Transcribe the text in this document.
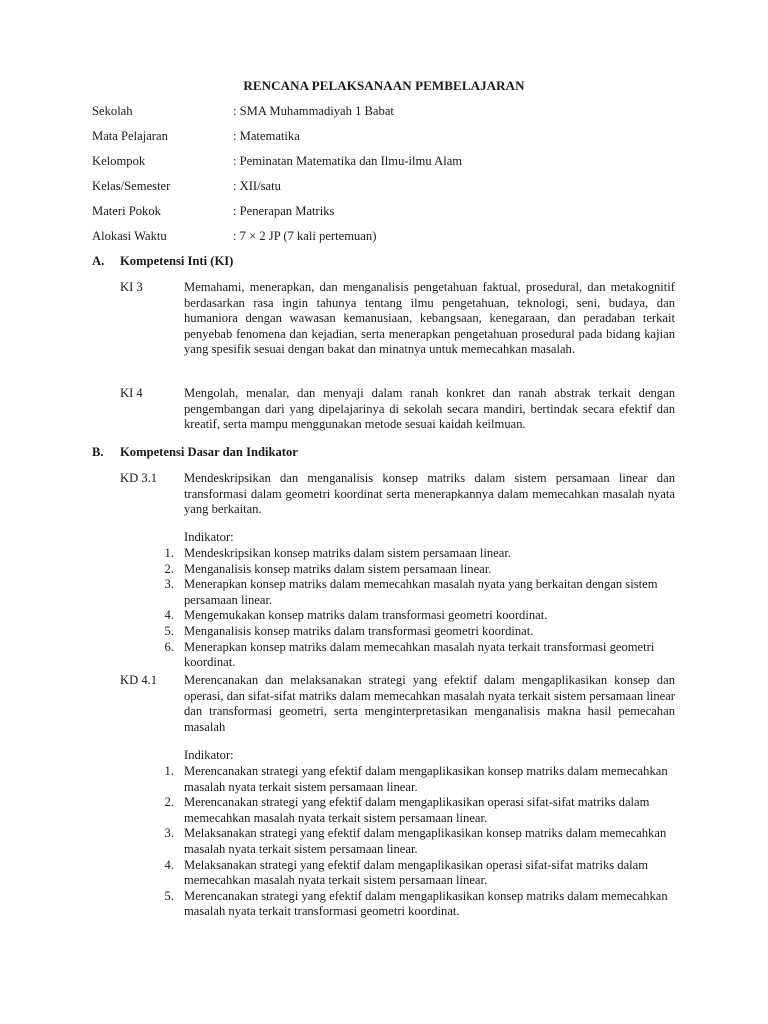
RENCANA PELAKSANAAN PEMBELAJARAN
Sekolah	: SMA Muhammadiyah 1 Babat
Mata Pelajaran	: Matematika
Kelompok	: Peminatan Matematika dan Ilmu-ilmu Alam
Kelas/Semester	: XII/satu
Materi Pokok	: Penerapan Matriks
Alokasi Waktu	: 7 × 2 JP (7 kali pertemuan)
A. Kompetensi Inti (KI)
KI 3	Memahami, menerapkan, dan menganalisis pengetahuan faktual, prosedural, dan metakognitif berdasarkan rasa ingin tahunya tentang ilmu pengetahuan, teknologi, seni, budaya, dan humaniora dengan wawasan kemanusiaan, kebangsaan, kenegaraan, dan peradaban terkait penyebab fenomena dan kejadian, serta menerapkan pengetahuan prosedural pada bidang kajian yang spesifik sesuai dengan bakat dan minatnya untuk memecahkan masalah.
KI 4	Mengolah, menalar, dan menyaji dalam ranah konkret dan ranah abstrak terkait dengan pengembangan dari yang dipelajarinya di sekolah secara mandiri, bertindak secara efektif dan kreatif, serta mampu menggunakan metode sesuai kaidah keilmuan.
B. Kompetensi Dasar dan Indikator
KD 3.1 Mendeskripsikan dan menganalisis konsep matriks dalam sistem persamaan linear dan transformasi dalam geometri koordinat serta menerapkannya dalam memecahkan masalah nyata yang berkaitan.
Indikator:
1. Mendeskripsikan konsep matriks dalam sistem persamaan linear.
2. Menganalisis konsep matriks dalam sistem persamaan linear.
3. Menerapkan konsep matriks dalam memecahkan masalah nyata yang berkaitan dengan sistem persamaan linear.
4. Mengemukakan konsep matriks dalam transformasi geometri koordinat.
5. Menganalisis konsep matriks dalam transformasi geometri koordinat.
6. Menerapkan konsep matriks dalam memecahkan masalah nyata terkait transformasi geometri koordinat.
KD 4.1 Merencanakan dan melaksanakan strategi yang efektif dalam mengaplikasikan konsep dan operasi, dan sifat-sifat matriks dalam memecahkan masalah nyata terkait sistem persamaan linear dan transformasi geometri, serta menginterpretasikan menganalisis makna hasil pemecahan masalah
Indikator:
1. Merencanakan strategi yang efektif dalam mengaplikasikan konsep matriks dalam memecahkan masalah nyata terkait sistem persamaan linear.
2. Merencanakan strategi yang efektif dalam mengaplikasikan operasi sifat-sifat matriks dalam memecahkan masalah nyata terkait sistem persamaan linear.
3. Melaksanakan strategi yang efektif dalam mengaplikasikan konsep matriks dalam memecahkan masalah nyata terkait sistem persamaan linear.
4. Melaksanakan strategi yang efektif dalam mengaplikasikan operasi sifat-sifat matriks dalam memecahkan masalah nyata terkait sistem persamaan linear.
5. Merencanakan strategi yang efektif dalam mengaplikasikan konsep matriks dalam memecahkan masalah nyata terkait transformasi geometri koordinat.
